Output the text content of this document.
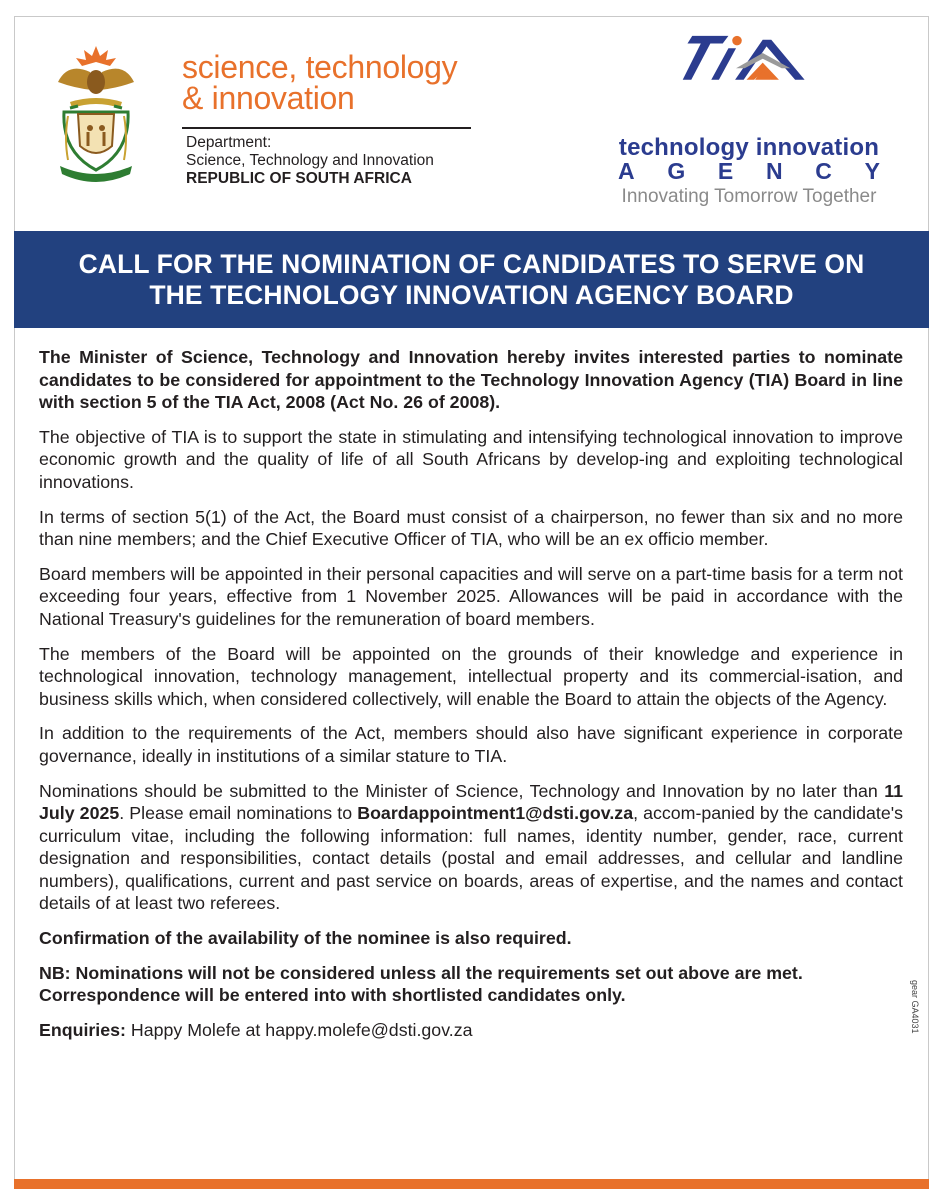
science, technology
& innovation
Department:
Science, Technology and Innovation
REPUBLIC OF SOUTH AFRICA
technology innovation
A G E N C Y
Innovating Tomorrow Together
CALL FOR THE NOMINATION OF CANDIDATES TO SERVE ON
THE TECHNOLOGY INNOVATION AGENCY BOARD

The Minister of Science, Technology and Innovation hereby invites interested parties to nominate candidates to be considered for appointment to the Technology Innovation Agency (TIA) Board in line with section 5 of the TIA Act, 2008 (Act No. 26 of 2008).

The objective of TIA is to support the state in stimulating and intensifying technological innovation to improve economic growth and the quality of life of all South Africans by develop-ing and exploiting technological innovations.

In terms of section 5(1) of the Act, the Board must consist of a chairperson, no fewer than six and no more than nine members; and the Chief Executive Officer of TIA, who will be an ex officio member.

Board members will be appointed in their personal capacities and will serve on a part-time basis for a term not exceeding four years, effective from 1 November 2025. Allowances will be paid in accordance with the National Treasury's guidelines for the remuneration of board members.

The members of the Board will be appointed on the grounds of their knowledge and experience in technological innovation, technology management, intellectual property and its commercial-isation, and business skills which, when considered collectively, will enable the Board to attain the objects of the Agency.

In addition to the requirements of the Act, members should also have significant experience in corporate governance, ideally in institutions of a similar stature to TIA.

Nominations should be submitted to the Minister of Science, Technology and Innovation by no later than 11 July 2025. Please email nominations to Boardappointment1@dsti.gov.za, accom-panied by the candidate's curriculum vitae, including the following information: full names, identity number, gender, race, current designation and responsibilities, contact details (postal and email addresses, and cellular and landline numbers), qualifications, current and past service on boards, areas of expertise, and the names and contact details of at least two referees.

Confirmation of the availability of the nominee is also required.

NB: Nominations will not be considered unless all the requirements set out above are met.
Correspondence will be entered into with shortlisted candidates only.

Enquiries: Happy Molefe at happy.molefe@dsti.gov.za	gear GA4031
